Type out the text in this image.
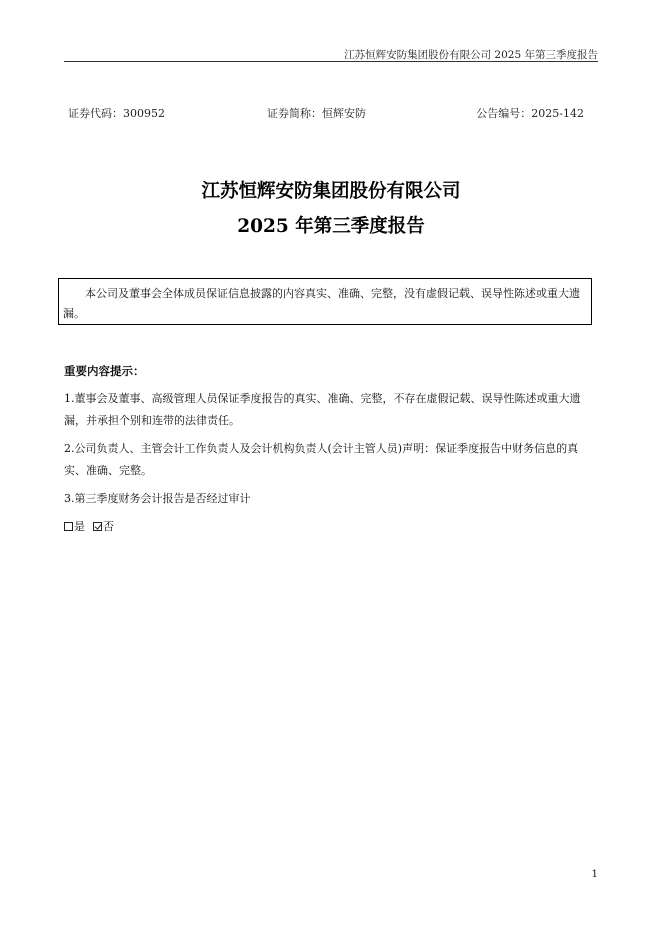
江苏恒辉安防集团股份有限公司 2025 年第三季度报告
证券代码：300952	证券简称：恒辉安防	公告编号：2025-142
江苏恒辉安防集团股份有限公司
2025 年第三季度报告
本公司及董事会全体成员保证信息披露的内容真实、准确、完整，没有虚假记载、误导性陈述或重大遗漏。
重要内容提示：
1.董事会及董事、高级管理人员保证季度报告的真实、准确、完整，不存在虚假记载、误导性陈述或重大遗漏，并承担个别和连带的法律责任。
2.公司负责人、主管会计工作负责人及会计机构负责人(会计主管人员)声明：保证季度报告中财务信息的真实、准确、完整。
3.第三季度财务会计报告是否经过审计
是 否
1
